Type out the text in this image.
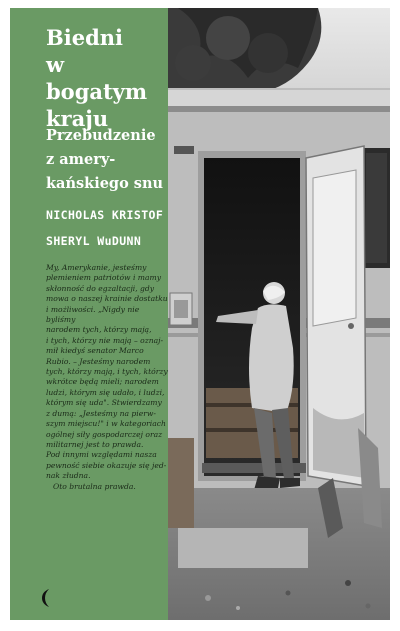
Biedni
w bogatym
kraju
Przebudzenie
z amery-
kańskiego snu
NICHOLAS KRISTOF
SHERYL WuDUNN
My, Amerykanie, jesteśmy
plemieniem patriotów i mamy
skłonność do egzaltacji, gdy
mowa o naszej krainie dostatku
i możliwości. „Nigdy nie byliśmy
narodem tych, którzy mają,
i tych, którzy nie mają – oznaj-
mił kiedyś senator Marco
Rubio. – Jesteśmy narodem
tych, którzy mają, i tych, którzy
wkrótce będą mieli; narodem
ludzi, którym się udało, i ludzi,
którym się uda". Stwierdzamy
z dumą: „Jesteśmy na pierw-
szym miejscu!" i w kategoriach
ogólnej siły gospodarczej oraz
militarnej jest to prawda.
Pod innymi względami nasza
pewność siebie okazuje się jed-
nak złudna.
Oto brutalna prawda.
